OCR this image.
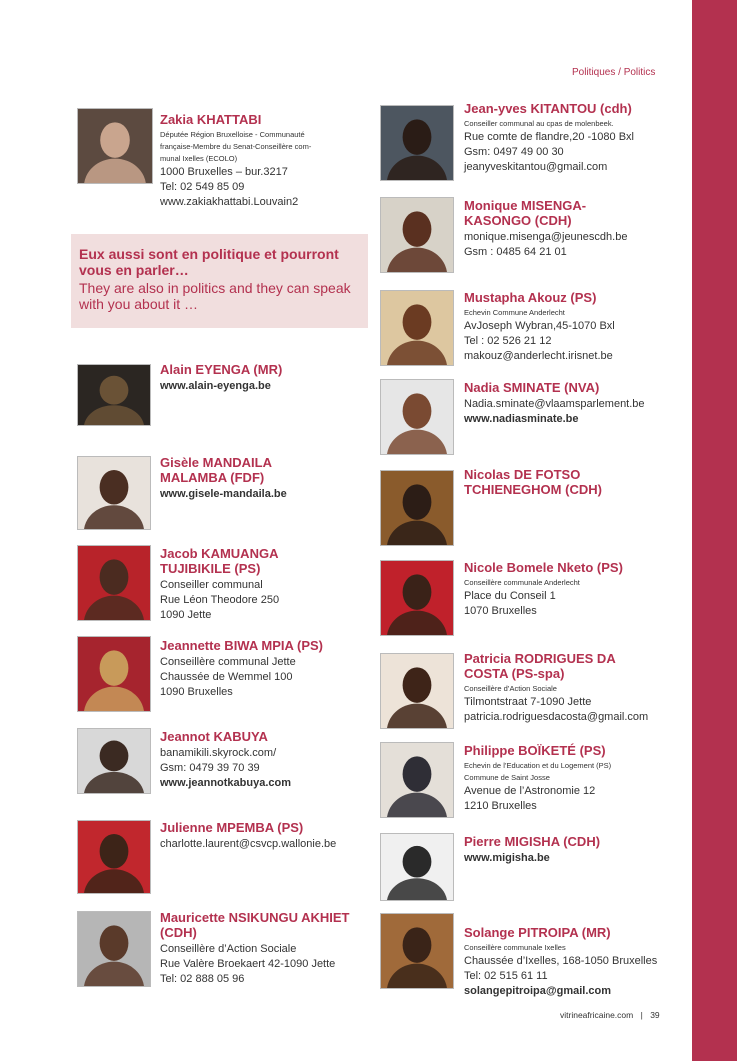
Politiques / Politics
Eux aussi sont en politique et pourront vous en parler…
They are also in politics and they can speak with you about it …
Zakia KHATTABI
Députée Région Bruxelloise - Communauté
française-Membre du Senat-Conseillère com-
munal Ixelles (ECOLO)
1000 Bruxelles – bur.3217
Tel: 02 549 85 09
www.zakiakhattabi.Louvain2
Alain EYENGA (MR)
www.alain-eyenga.be
Gisèle MANDAILA MALAMBA (FDF)
www.gisele-mandaila.be
Jacob KAMUANGA TUJIBIKILE (PS)
Conseiller communal
Rue Léon Theodore 250
1090 Jette
Jeannette BIWA MPIA (PS)
Conseillère communal Jette
Chaussée de Wemmel 100
1090 Bruxelles
Jeannot KABUYA
banamikili.skyrock.com/
Gsm: 0479 39 70 39
www.jeannotkabuya.com
Julienne MPEMBA (PS)
charlotte.laurent@csvcp.wallonie.be
Mauricette NSIKUNGU AKHIET (CDH)
Conseillère d’Action Sociale
Rue Valère Broekaert 42-1090 Jette
Tel: 02 888 05 96
Jean-yves KITANTOU (cdh)
Conseiller communal au cpas de molenbeek.
Rue comte de flandre,20 -1080 Bxl
Gsm: 0497 49 00 30
jeanyveskitantou@gmail.com
Monique MISENGA-KASONGO (CDH)
monique.misenga@jeunescdh.be
Gsm : 0485 64 21 01
Mustapha Akouz (PS)
Echevin Commune Anderlecht
AvJoseph Wybran,45-1070 Bxl
Tel : 02 526 21 12
makouz@anderlecht.irisnet.be
Nadia SMINATE (NVA)
Nadia.sminate@vlaamsparlement.be
www.nadiasminate.be
Nicolas DE FOTSO TCHIENEGHOM (CDH)
Nicole Bomele Nketo (PS)
Conseillère communale Anderlecht
Place du Conseil 1
1070 Bruxelles
Patricia RODRIGUES DA COSTA (PS-spa)
Conseillère d’Action Sociale
Tilmontstraat 7-1090 Jette
patricia.rodriguesdacosta@gmail.com
Philippe BOÏKETÉ (PS)
Echevin de l’Education et du Logement (PS)
Commune de Saint Josse
Avenue de l’Astronomie 12
1210 Bruxelles
Pierre MIGISHA (CDH)
www.migisha.be
Solange PITROIPA (MR)
Conseillère communale Ixelles
Chaussée d’Ixelles, 168-1050 Bruxelles
Tel: 02 515 61 11
solangepitroipa@gmail.com
vitrineafricaine.com | 39
